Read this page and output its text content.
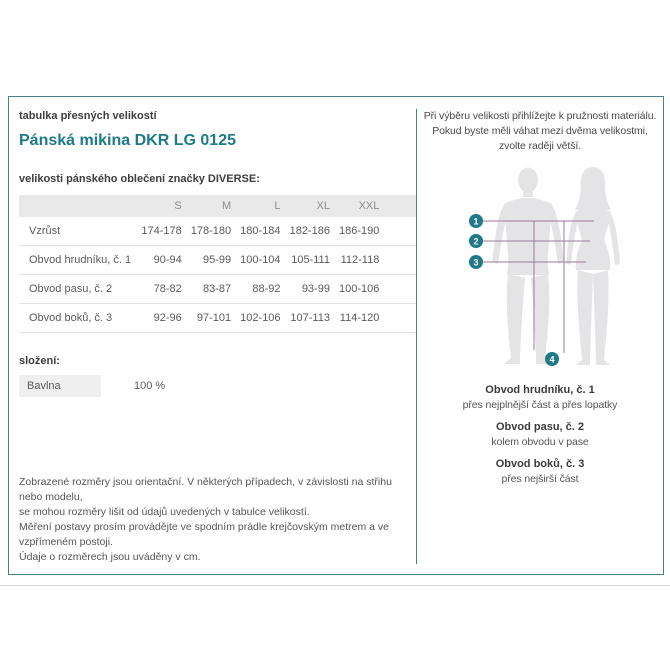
tabulka přesných velikostí
Pánská mikina DKR LG 0125
velikosti pánského oblečení značky DIVERSE:
	S	M	L	XL	XXL	
Vzrůst	174-178	178-180	180-184	182-186	186-190	
Obvod hrudníku, č. 1	90-94	95-99	100-104	105-111	112-118	
Obvod pasu, č. 2	78-82	83-87	88-92	93-99	100-106	
Obvod boků, č. 3	92-96	97-101	102-106	107-113	114-120	
složení:
Bavlna	100 %
Zobrazené rozměry jsou orientační. V některých případech, v závislosti na střihu nebo modelu,
se mohou rozměry lišit od údajů uvedených v tabulce velikostí.
Měření postavy prosím provádějte ve spodním prádle krejčovským metrem a ve vzpřímeném postoji.
Údaje o rozměrech jsou uváděny v cm.
Při výběru velikosti přihlížejte k pružnosti materiálu.
Pokud byste měli váhat mezi dvěma velikostmi,
zvolte raději větší.
1
2
3
4
Obvod hrudníku, č. 1
přes nejplnější část a přes lopatky
Obvod pasu, č. 2
kolem obvodu v pase
Obvod boků, č. 3
přes nejširší část
